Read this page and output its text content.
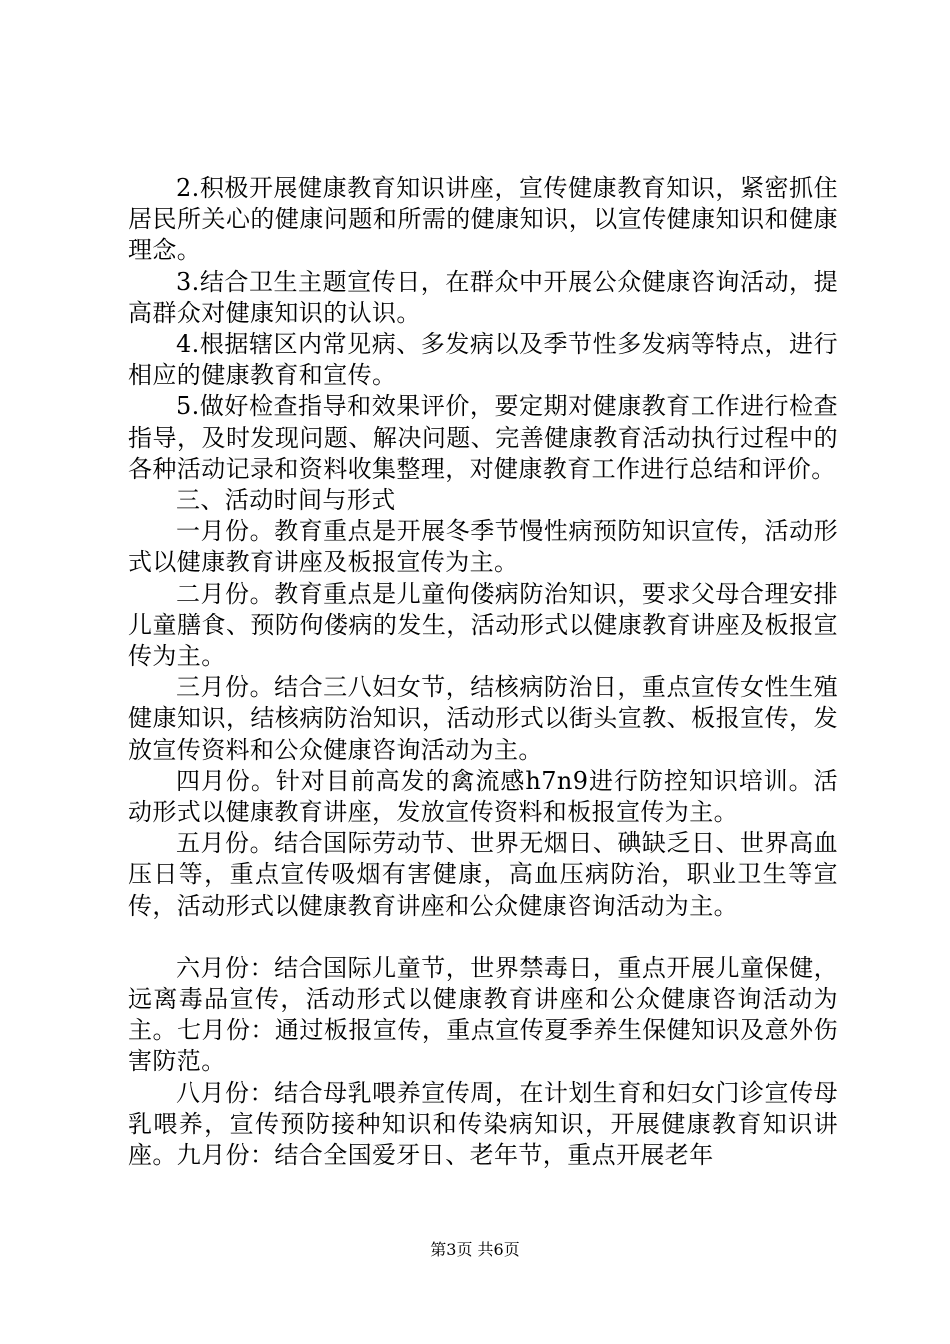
2.积极开展健康教育知识讲座，宣传健康教育知识，紧密抓住居民所关心的健康问题和所需的健康知识，以宣传健康知识和健康理念。

3.结合卫生主题宣传日，在群众中开展公众健康咨询活动，提高群众对健康知识的认识。

4.根据辖区内常见病、多发病以及季节性多发病等特点，进行相应的健康教育和宣传。

5.做好检查指导和效果评价，要定期对健康教育工作进行检查指导，及时发现问题、解决问题、完善健康教育活动执行过程中的各种活动记录和资料收集整理，对健康教育工作进行总结和评价。

三、活动时间与形式

一月份。教育重点是开展冬季节慢性病预防知识宣传，活动形式以健康教育讲座及板报宣传为主。

二月份。教育重点是儿童佝偻病防治知识，要求父母合理安排儿童膳食、预防佝偻病的发生，活动形式以健康教育讲座及板报宣传为主。

三月份。结合三八妇女节，结核病防治日，重点宣传女性生殖健康知识，结核病防治知识，活动形式以街头宣教、板报宣传，发放宣传资料和公众健康咨询活动为主。

四月份。针对目前高发的禽流感h7n9进行防控知识培训。活动形式以健康教育讲座，发放宣传资料和板报宣传为主。

五月份。结合国际劳动节、世界无烟日、碘缺乏日、世界高血压日等，重点宣传吸烟有害健康，高血压病防治，职业卫生等宣传，活动形式以健康教育讲座和公众健康咨询活动为主。

六月份：结合国际儿童节，世界禁毒日，重点开展儿童保健，远离毒品宣传，活动形式以健康教育讲座和公众健康咨询活动为主。七月份：通过板报宣传，重点宣传夏季养生保健知识及意外伤害防范。

八月份：结合母乳喂养宣传周，在计划生育和妇女门诊宣传母乳喂养，宣传预防接种知识和传染病知识，开展健康教育知识讲座。九月份：结合全国爱牙日、老年节，重点开展老年

第3页 共6页
